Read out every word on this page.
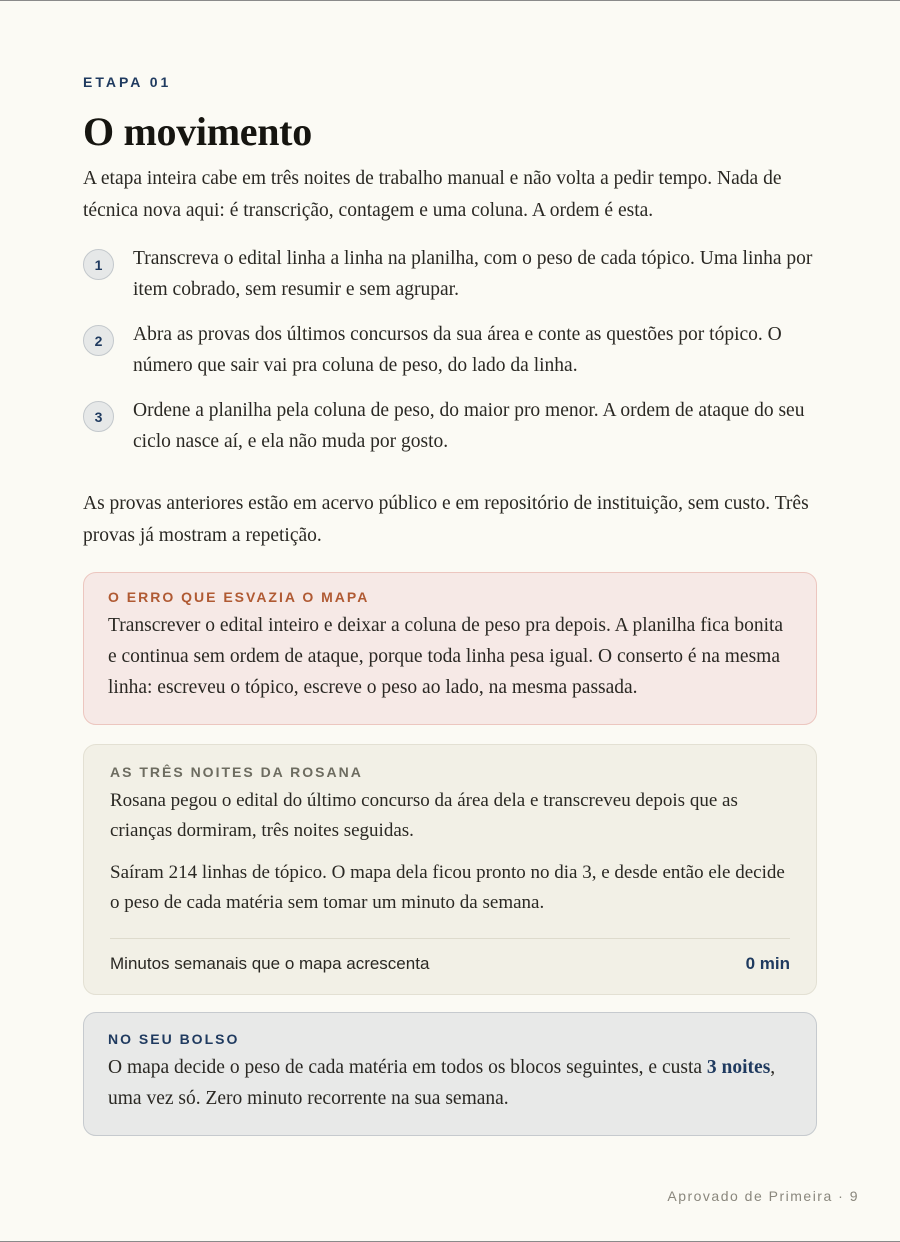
ETAPA 01
O movimento

A etapa inteira cabe em três noites de trabalho manual e não volta a pedir tempo. Nada de técnica nova aqui: é transcrição, contagem e uma coluna. A ordem é esta.

1	Transcreva o edital linha a linha na planilha, com o peso de cada tópico. Uma linha por item cobrado, sem resumir e sem agrupar.
2	Abra as provas dos últimos concursos da sua área e conte as questões por tópico. O número que sair vai pra coluna de peso, do lado da linha.
3	Ordene a planilha pela coluna de peso, do maior pro menor. A ordem de ataque do seu ciclo nasce aí, e ela não muda por gosto.

As provas anteriores estão em acervo público e em repositório de instituição, sem custo. Três provas já mostram a repetição.

O ERRO QUE ESVAZIA O MAPA

Transcrever o edital inteiro e deixar a coluna de peso pra depois. A planilha fica bonita e continua sem ordem de ataque, porque toda linha pesa igual. O conserto é na mesma linha: escreveu o tópico, escreve o peso ao lado, na mesma passada.

AS TRÊS NOITES DA ROSANA

Rosana pegou o edital do último concurso da área dela e transcreveu depois que as crianças dormiram, três noites seguidas.

Saíram 214 linhas de tópico. O mapa dela ficou pronto no dia 3, e desde então ele decide o peso de cada matéria sem tomar um minuto da semana.

Minutos semanais que o mapa acrescenta	0 min
NO SEU BOLSO

O mapa decide o peso de cada matéria em todos os blocos seguintes, e custa 3 noites, uma vez só. Zero minuto recorrente na sua semana.

Aprovado de Primeira · 9
